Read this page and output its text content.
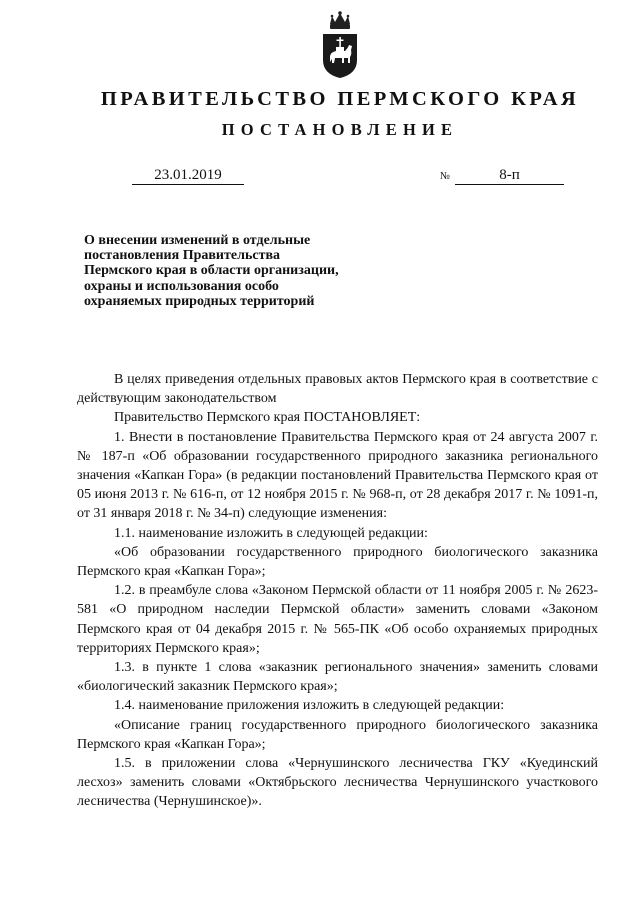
ПРАВИТЕЛЬСТВО ПЕРМСКОГО КРАЯ
ПОСТАНОВЛЕНИЕ
23.01.2019	№	8-п
О внесении изменений в отдельные
постановления Правительства
Пермского края в области организации,
охраны и использования особо
охраняемых природных территорий

В целях приведения отдельных правовых актов Пермского края в соответствие с действующим законодательством

Правительство Пермского края ПОСТАНОВЛЯЕТ:

1. Внести в постановление Правительства Пермского края от 24 августа 2007 г. № 187-п «Об образовании государственного природного заказника регионального значения «Капкан Гора» (в редакции постановлений Правительства Пермского края от 05 июня 2013 г. № 616-п, от 12 ноября 2015 г. № 968-п, от 28 декабря 2017 г. № 1091-п, от 31 января 2018 г. № 34-п) следующие изменения:

1.1. наименование изложить в следующей редакции:

«Об образовании государственного природного биологического заказника Пермского края «Капкан Гора»;

1.2. в преамбуле слова «Законом Пермской области от 11 ноября 2005 г. № 2623-581 «О природном наследии Пермской области» заменить словами «Законом Пермского края от 04 декабря 2015 г. № 565-ПК «Об особо охраняемых природных территориях Пермского края»;

1.3. в пункте 1 слова «заказник регионального значения» заменить словами «биологический заказник Пермского края»;

1.4. наименование приложения изложить в следующей редакции:

«Описание границ государственного природного биологического заказника Пермского края «Капкан Гора»;

1.5. в приложении слова «Чернушинского лесничества ГКУ «Куединский лесхоз» заменить словами «Октябрьского лесничества Чернушинского участкового лесничества (Чернушинское)».
